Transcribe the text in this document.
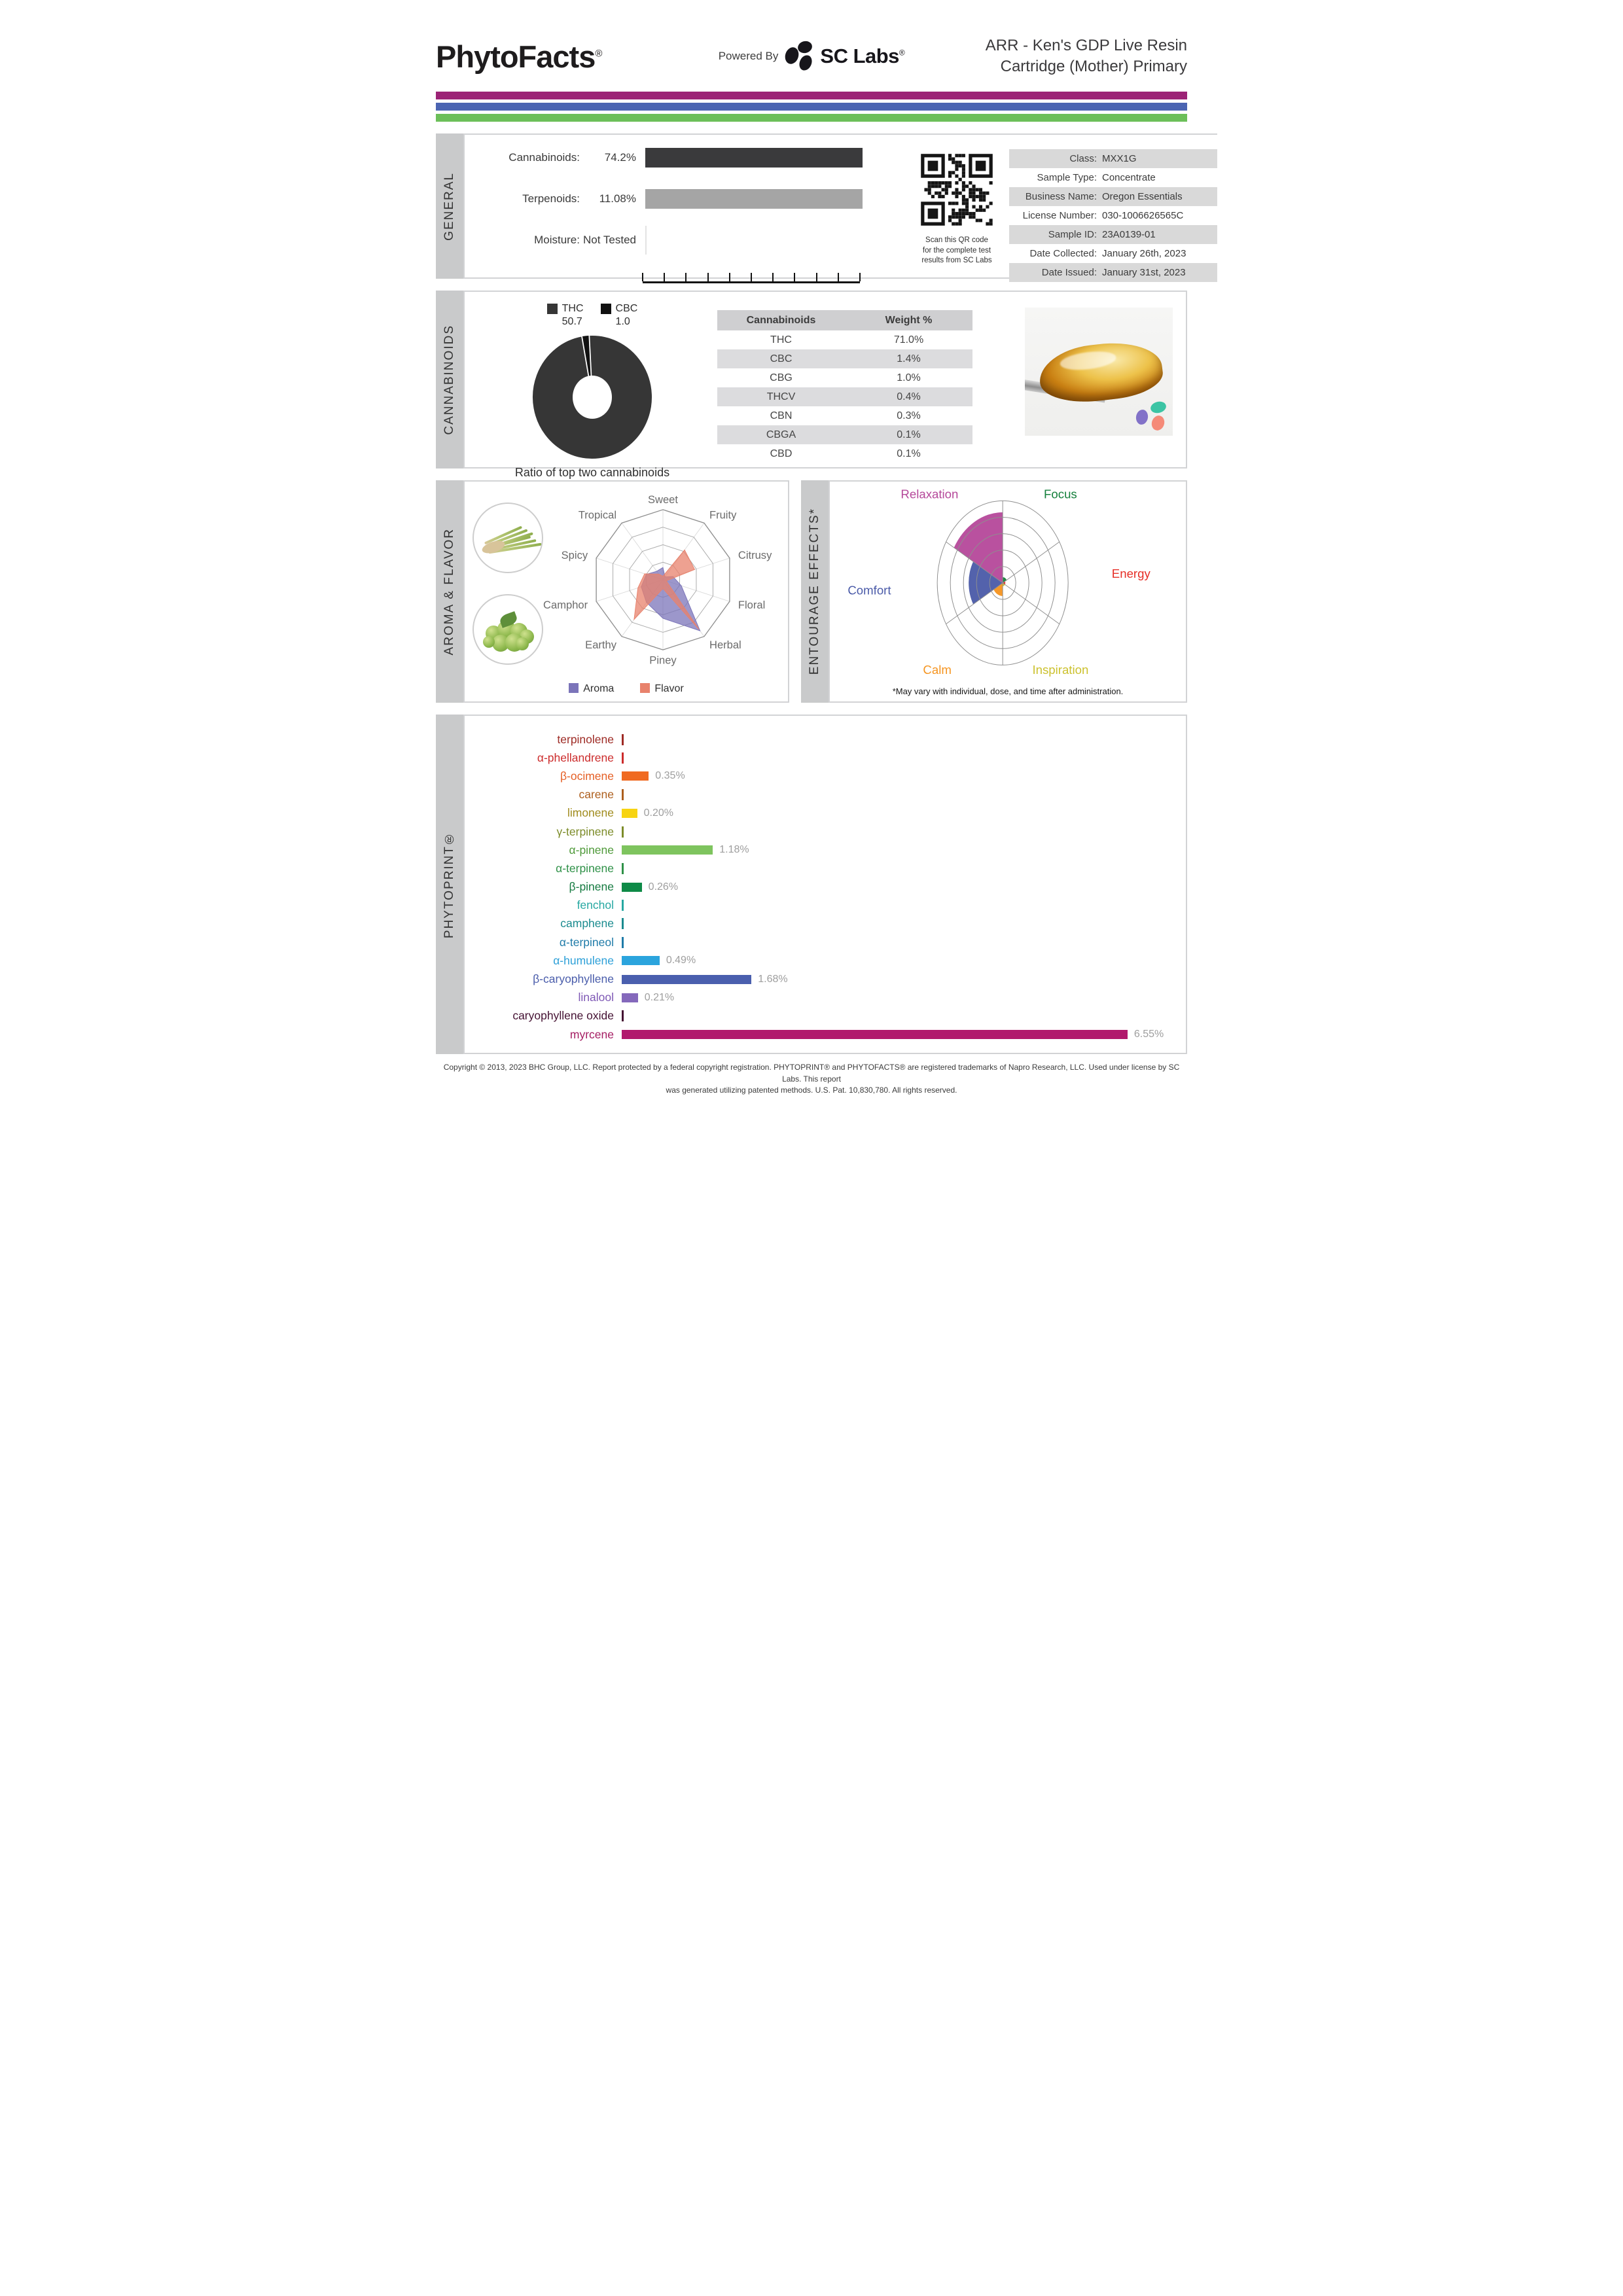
PhytoFacts®	Powered By SC Labs®	ARR - Ken's GDP Live Resin
Cartridge (Mother) Primary
GENERAL
Cannabinoids:	74.2%
Terpenoids:	11.08%
Moisture: Not Tested	Scan this QR code
for the complete test
results from SC Labs
Class: MXX1G
Sample Type: Concentrate
Business Name: Oregon Essentials
License Number: 030-1006626565C
Sample ID: 23A0139-01
Date Collected: January 26th, 2023
Date Issued: January 31st, 2023
CANNABINOIDS
THC
50.7
CBC
1.0
Ratio of top two cannabinoids
Cannabinoids	Weight %
THC	71.0%
CBC	1.4%
CBG	1.0%
THCV	0.4%
CBN	0.3%
CBGA	0.1%
CBD	0.1%
AROMA & FLAVOR
Sweet
Fruity
Citrusy
Floral
Herbal
Piney
Earthy
Camphor
Spicy
Tropical
Aroma	Flavor
ENTOURAGE EFFECTS*
Focus
Energy
Inspiration
Calm
Comfort
Relaxation
*May vary with individual, dose, and time after administration.
PHYTOPRINT®
terpinolene
α-phellandrene
β-ocimene	0.35%
carene
limonene	0.20%
γ-terpinene
α-pinene	1.18%
α-terpinene
β-pinene	0.26%
fenchol
camphene
α-terpineol
α-humulene	0.49%
β-caryophyllene	1.68%
linalool	0.21%
caryophyllene oxide
myrcene	6.55%
Copyright © 2013, 2023 BHC Group, LLC. Report protected by a federal copyright registration. PHYTOPRINT® and PHYTOFACTS® are registered trademarks of Napro Research, LLC. Used under license by SC Labs. This report
was generated utilizing patented methods. U.S. Pat. 10,830,780. All rights reserved.
